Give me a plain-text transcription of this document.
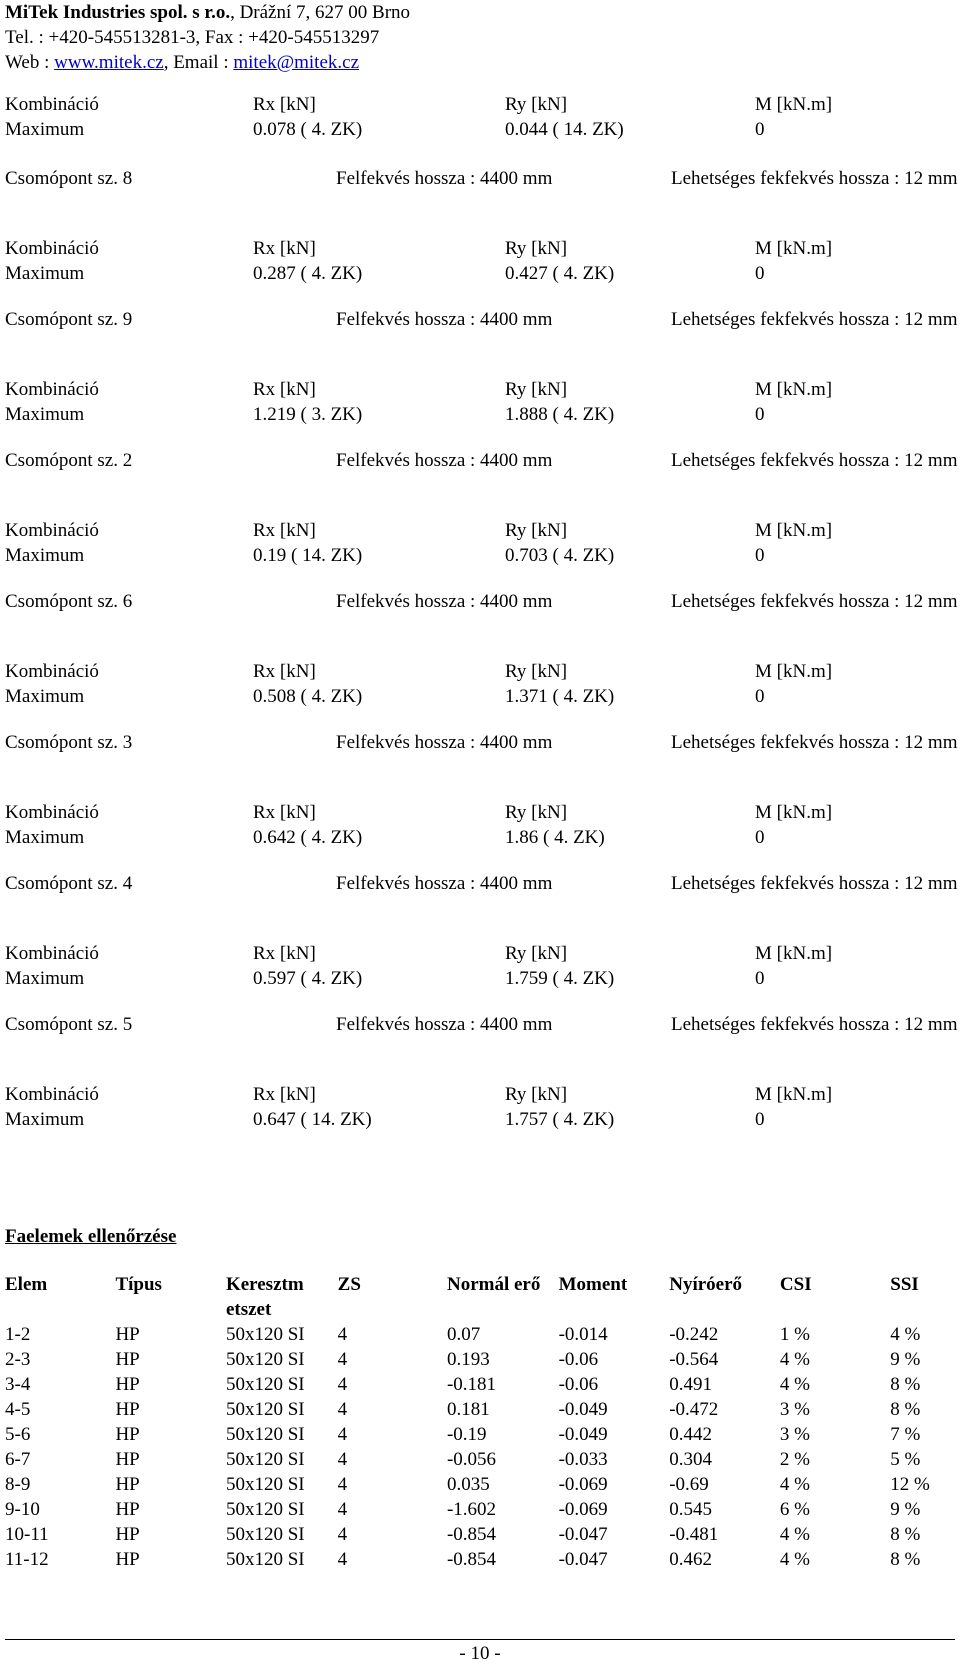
MiTek Industries spol. s r.o., Drážní 7, 627 00 Brno
Tel. : +420-545513281-3, Fax : +420-545513297
Web : www.mitek.cz, Email : mitek@mitek.cz
Kombináció	Rx [kN]	Ry [kN]	M [kN.m]
Maximum	0.078 ( 4. ZK)	0.044 ( 14. ZK)	0
Csomópont sz. 8	Felfekvés hossza : 4400 mm	Lehetséges fekfekvés hossza : 12 mm
Kombináció	Rx [kN]	Ry [kN]	M [kN.m]
Maximum	0.287 ( 4. ZK)	0.427 ( 4. ZK)	0
Csomópont sz. 9	Felfekvés hossza : 4400 mm	Lehetséges fekfekvés hossza : 12 mm
Kombináció	Rx [kN]	Ry [kN]	M [kN.m]
Maximum	1.219 ( 3. ZK)	1.888 ( 4. ZK)	0
Csomópont sz. 2	Felfekvés hossza : 4400 mm	Lehetséges fekfekvés hossza : 12 mm
Kombináció	Rx [kN]	Ry [kN]	M [kN.m]
Maximum	0.19 ( 14. ZK)	0.703 ( 4. ZK)	0
Csomópont sz. 6	Felfekvés hossza : 4400 mm	Lehetséges fekfekvés hossza : 12 mm
Kombináció	Rx [kN]	Ry [kN]	M [kN.m]
Maximum	0.508 ( 4. ZK)	1.371 ( 4. ZK)	0
Csomópont sz. 3	Felfekvés hossza : 4400 mm	Lehetséges fekfekvés hossza : 12 mm
Kombináció	Rx [kN]	Ry [kN]	M [kN.m]
Maximum	0.642 ( 4. ZK)	1.86 ( 4. ZK)	0
Csomópont sz. 4	Felfekvés hossza : 4400 mm	Lehetséges fekfekvés hossza : 12 mm
Kombináció	Rx [kN]	Ry [kN]	M [kN.m]
Maximum	0.597 ( 4. ZK)	1.759 ( 4. ZK)	0
Csomópont sz. 5	Felfekvés hossza : 4400 mm	Lehetséges fekfekvés hossza : 12 mm
Kombináció	Rx [kN]	Ry [kN]	M [kN.m]
Maximum	0.647 ( 14. ZK)	1.757 ( 4. ZK)	0
Faelemek ellenőrzése
Elem	Típus	Keresztm etszet	ZS	Normál erő	Moment	Nyíróerő	CSI	SSI
1-2	HP	50x120 SI	4	0.07	-0.014	-0.242	1 %	4 %
2-3	HP	50x120 SI	4	0.193	-0.06	-0.564	4 %	9 %
3-4	HP	50x120 SI	4	-0.181	-0.06	0.491	4 %	8 %
4-5	HP	50x120 SI	4	0.181	-0.049	-0.472	3 %	8 %
5-6	HP	50x120 SI	4	-0.19	-0.049	0.442	3 %	7 %
6-7	HP	50x120 SI	4	-0.056	-0.033	0.304	2 %	5 %
8-9	HP	50x120 SI	4	0.035	-0.069	-0.69	4 %	12 %
9-10	HP	50x120 SI	4	-1.602	-0.069	0.545	6 %	9 %
10-11	HP	50x120 SI	4	-0.854	-0.047	-0.481	4 %	8 %
11-12	HP	50x120 SI	4	-0.854	-0.047	0.462	4 %	8 %
- 10 -
